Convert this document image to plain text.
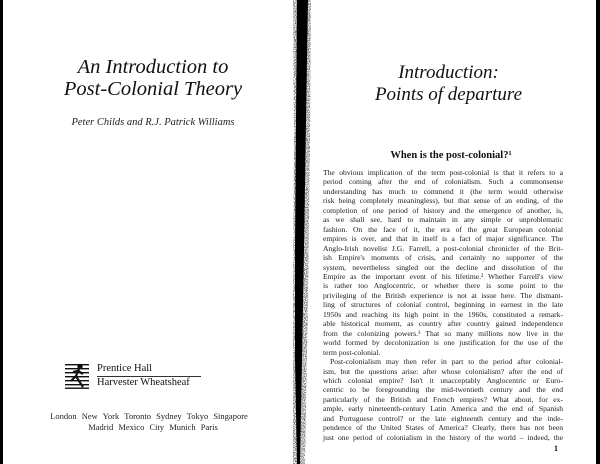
An Introduction to
Post-Colonial Theory
Peter Childs and R.J. Patrick Williams
Prentice Hall
Harvester Wheatsheaf
London New York Toronto Sydney Tokyo Singapore
Madrid Mexico City Munich Paris
Introduction:
Points of departure
When is the post-colonial?¹
The obvious implication of the term post-colonial is that it refers to a
period coming after the end of colonialism. Such a commonsense
understanding has much to commend it (the term would otherwise
risk being completely meaningless), but that sense of an ending, of the
completion of one period of history and the emergence of another, is,
as we shall see, hard to maintain in any simple or unproblematic
fashion. On the face of it, the era of the great European colonial
empires is over, and that in itself is a fact of major significance. The
Anglo-Irish novelist J.G. Farrell, a post-colonial chronicler of the Brit-
ish Empire's moments of crisis, and certainly no supporter of the
system, nevertheless singled out the decline and dissolution of the
Empire as the important event of his lifetime.² Whether Farrell's view
is rather too Anglocentric, or whether there is some point to the
privileging of the British experience is not at issue here. The dismant-
ling of structures of colonial control, beginning in earnest in the late
1950s and reaching its high point in the 1960s, constituted a remark-
able historical moment, as country after country gained independence
from the colonizing powers.³ That so many millions now live in the
world formed by decolonization is one justification for the use of the
term post-colonial.
Post-colonialism may then refer in part to the period after colonial-
ism, but the questions arise: after whose colonialism? after the end of
which colonial empire? Isn't it unacceptably Anglocentric or Euro-
centric to be foregrounding the mid-twentieth century and the end
particularly of the British and French empires? What about, for ex-
ample, early nineteenth-century Latin America and the end of Spanish
and Portuguese control? or the late eighteenth century and the inde-
pendence of the United States of America? Clearly, there has not been
just one period of colonialism in the history of the world – indeed, the
1
